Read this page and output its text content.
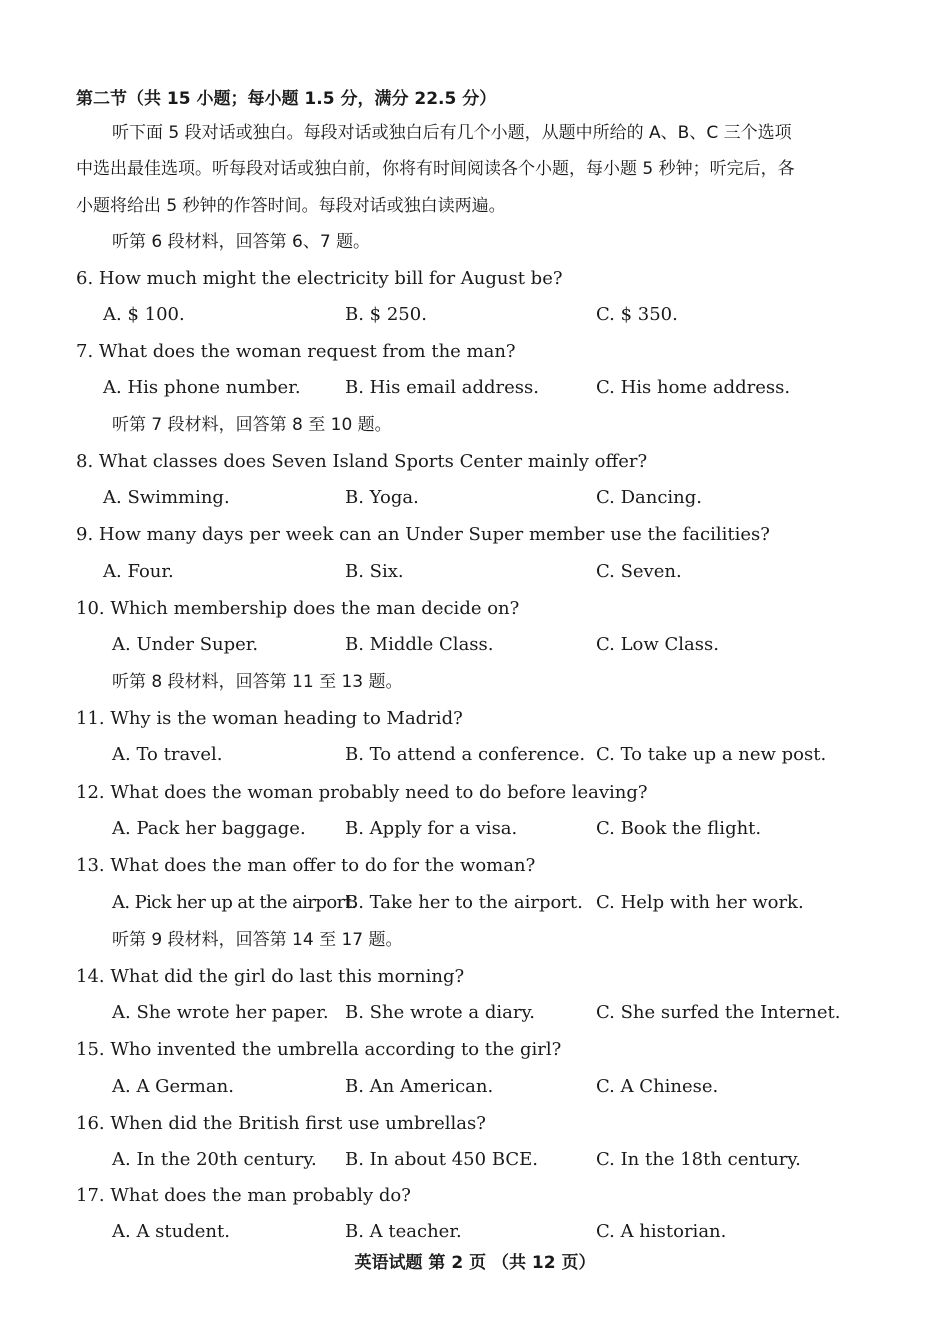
第二节（共 15 小题；每小题 1.5 分，满分 22.5 分）
听下面 5 段对话或独白。每段对话或独白后有几个小题，从题中所给的 A、B、C 三个选项
中选出最佳选项。听每段对话或独白前，你将有时间阅读各个小题，每小题 5 秒钟；听完后，各
小题将给出 5 秒钟的作答时间。每段对话或独白读两遍。
听第 6 段材料，回答第 6、7 题。
6. How much might the electricity bill for August be?
A. $ 100.	B. $ 250.	C. $ 350.
7. What does the woman request from the man?
A. His phone number. B. His email address.	C. His home address.
听第 7 段材料，回答第 8 至 10 题。
8. What classes does Seven Island Sports Center mainly offer?
A. Swimming.	B. Yoga.	C. Dancing.
9. How many days per week can an Under Super member use the facilities?
A. Four.	B. Six.	C. Seven.
10. Which membership does the man decide on?
A. Under Super.	B. Middle Class.	C. Low Class.
听第 8 段材料，回答第 11 至 13 题。
11. Why is the woman heading to Madrid?
A. To travel.	B. To attend a conference. C. To take up a new post.
12. What does the woman probably need to do before leaving?
A. Pack her baggage. B. Apply for a visa.	C. Book the flight.
13. What does the man offer to do for the woman?
A. Pick her up at the airport.
B. Take her to the airport. C. Help with her work.
听第 9 段材料，回答第 14 至 17 题。
14. What did the girl do last this morning?
A. She wrote her paper. B. She wrote a diary.	C. She surfed the Internet.
15. Who invented the umbrella according to the girl?
A. A German.	B. An American.	C. A Chinese.
16. When did the British first use umbrellas?
A. In the 20th century. B. In about 450 BCE.	C. In the 18th century.
17. What does the man probably do?
A. A student.	B. A teacher.	C. A historian.
英语试题 第 2 页 （共 12 页）
